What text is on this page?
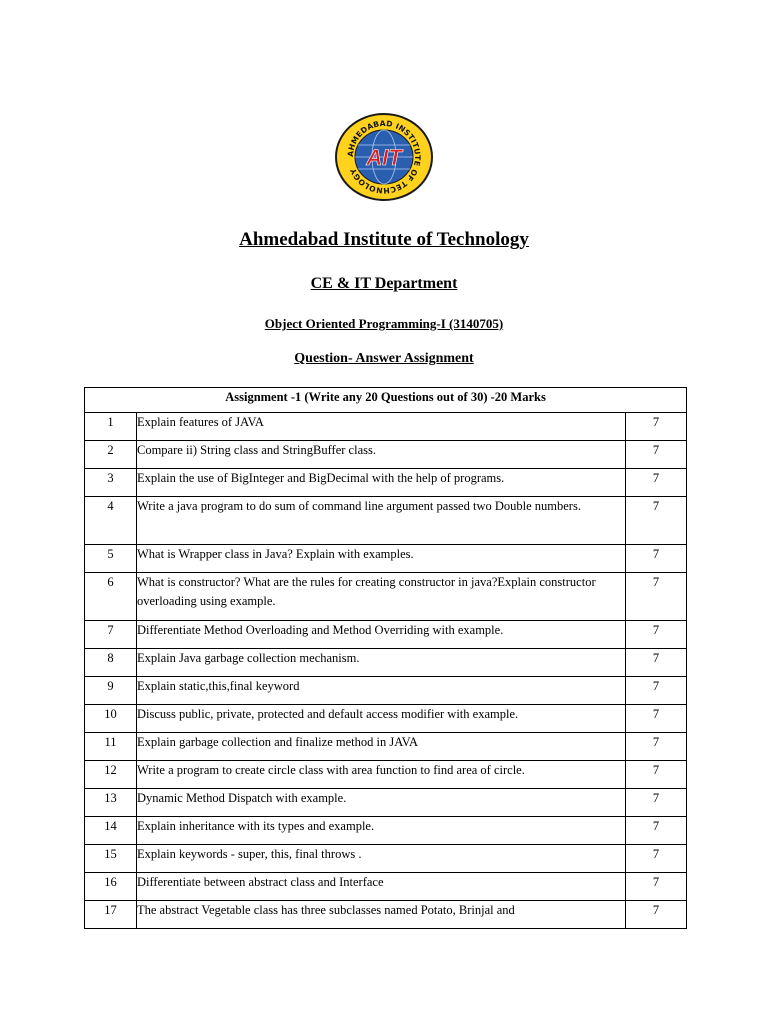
AHMEDABAD INSTITUTE OF TECHNOLOGY
AIT
Ahmedabad Institute of Technology
CE & IT Department
Object Oriented Programming-I (3140705)
Question- Answer Assignment
Assignment -1 (Write any 20 Questions out of 30) -20 Marks		
1	Explain features of JAVA	7
2	Compare ii) String class and StringBuffer class.	7
3	Explain the use of BigInteger and BigDecimal with the help of programs.	7
4	Write a java program to do sum of command line argument passed two Double numbers.	7
5	What is Wrapper class in Java? Explain with examples.	7
6	What is constructor? What are the rules for creating constructor in java?Explain constructor overloading using example.	7
7	Differentiate Method Overloading and Method Overriding with example.	7
8	Explain Java garbage collection mechanism.	7
9	Explain static,this,final keyword	7
10	Discuss public, private, protected and default access modifier with example.	7
11	Explain garbage collection and finalize method in JAVA	7
12	Write a program to create circle class with area function to find area of circle.	7
13	Dynamic Method Dispatch with example.	7
14	Explain inheritance with its types and example.	7
15	Explain keywords - super, this, final throws .	7
16	Differentiate between abstract class and Interface	7
17	The abstract Vegetable class has three subclasses named Potato, Brinjal and	7
